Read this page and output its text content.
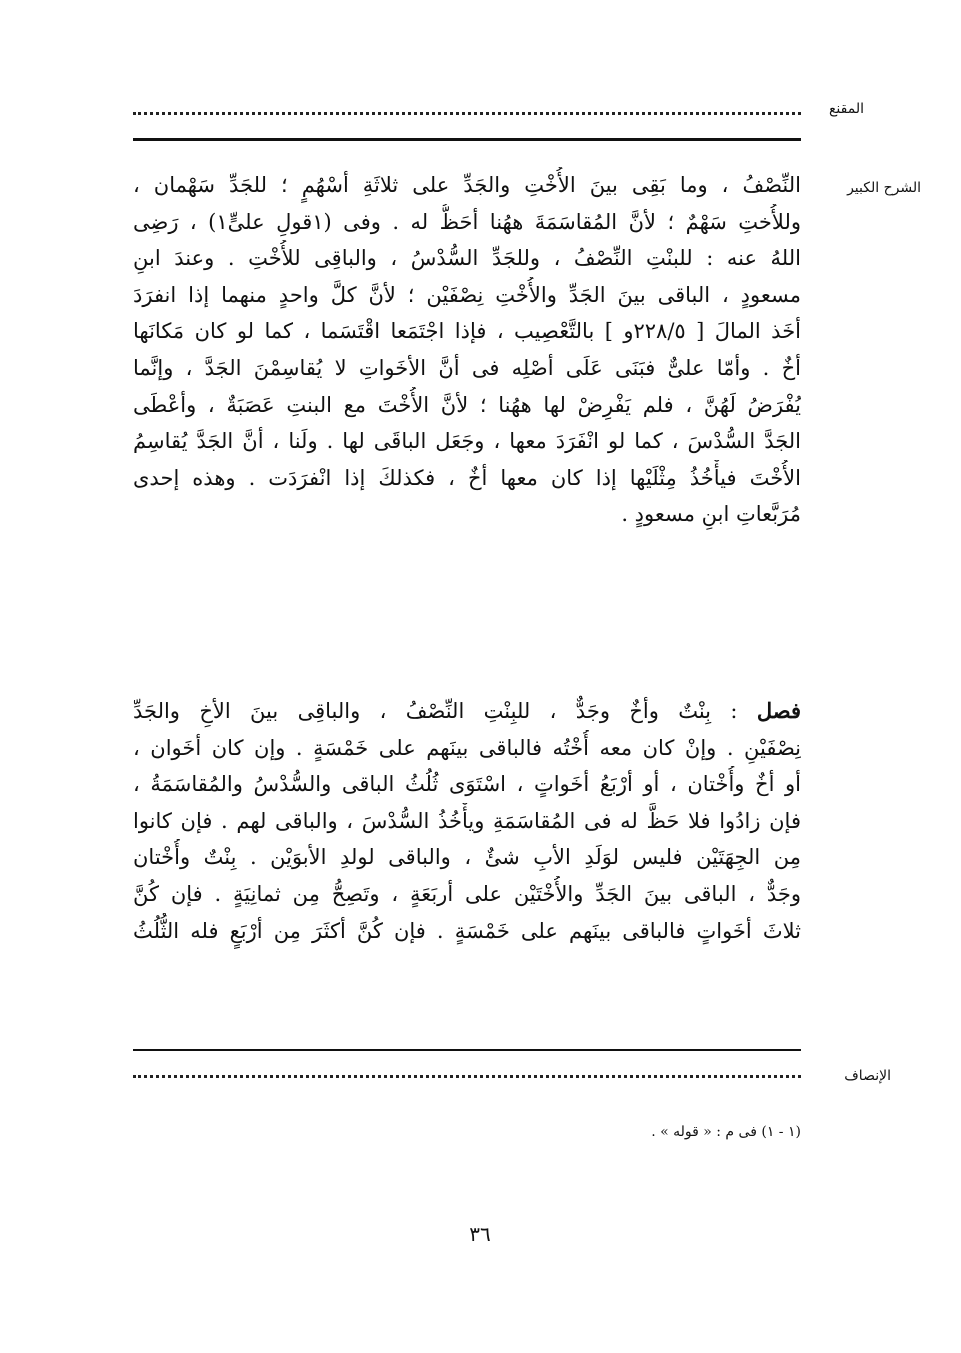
المقنع
الشرح الكبير
النِّصْفُ ، وما بَقِى بينَ الأُخْتِ والجَدِّ على ثلاثَةِ أسْهُمٍ ؛ للجَدِّ سَهْمان ،
وللأُختِ سَهْمٌ ؛ لأنَّ المُقاسَمَةَ ههُنا أحَظُّ له . وفى (١قولِ علىٍّ١) ، رَضِى
اللهُ عنه : للبنْتِ النِّصْفُ ، وللجَدِّ السُّدْسُ ، والباقِى للأُخْتِ . وعندَ ابنِ
مسعودٍ ، الباقى بينَ الجَدِّ والأُخْتِ نِصْفَيْن ؛ لأنَّ كلَّ واحدٍ منهما إذا انفرَدَ
أخَذ المالَ [ ٢٢٨/٥و ] بالتَّعْصِيب ، فإذا اجْتَمَعا اقْتَسَما ، كما لو كان مَكانَها
أخٌ . وأمّا علىٌّ فبَنَى عَلَى أصْلِه فى أنَّ الأخَواتِ لا يُقاسِمْنَ الجَدَّ ، وإنَّما
يُفْرَضُ لَهُنَّ ، فلم يَفْرِضْ لها ههُنا ؛ لأنَّ الأُخْتَ مع البنتِ عَصَبَةٌ ، وأعْطَى
الجَدَّ السُّدْسَ ، كما لو انْفَرَدَ معها ، وجَعَل الباقَى لها . ولَنا ، أنَّ الجَدَّ يُقاسِمُ
الأُخْتَ فيأْخُذُ مِثْلَيْها إذا كان معها أخٌ ، فكذلكَ إذا انْفرَدَت . وهذه إحدى
مُرَبَّعاتِ ابنِ مسعودٍ .
فصل : بِنْتٌ وأخٌ وجَدٌّ ، للبِنْتِ النِّصْفُ ، والباقِى بينَ الأخِ والجَدِّ
نِصْفَيْنِ . وإنْ كان معه أُخْتُه فالباقى بينَهم على خَمْسَةٍ . وإن كان أخَوان ،
أو أخٌ وأُخْتان ، أو أرْبَعُ أخَواتٍ ، اسْتَوَى ثُلُثُ الباقى والسُّدْسُ والمُقاسَمَةُ ،
فإن زادُوا فلا حَظَّ له فى المُقاسَمَةِ ويأْخُذُ السُّدْسَ ، والباقى لهم . فإن كانوا
مِن الجِهَتَيْن فليس لوَلَدِ الأبِ شئٌ ، والباقى لولدِ الأبوَيْن . بِنْتٌ وأُخْتان
وجَدٌّ ، الباقى بينَ الجَدِّ والأُخْتَيْن على أربَعَةٍ ، وتَصِحُّ مِن ثمانِيَةٍ . فإن كُنَّ
ثلاثَ أخَواتٍ فالباقى بينَهم على خَمْسَةٍ . فإن كُنَّ أكثَرَ مِن أرْبَعٍ فله الثُّلُثُ
الإنصاف
(١ - ١) فى م : « قوله » .
٣٦
